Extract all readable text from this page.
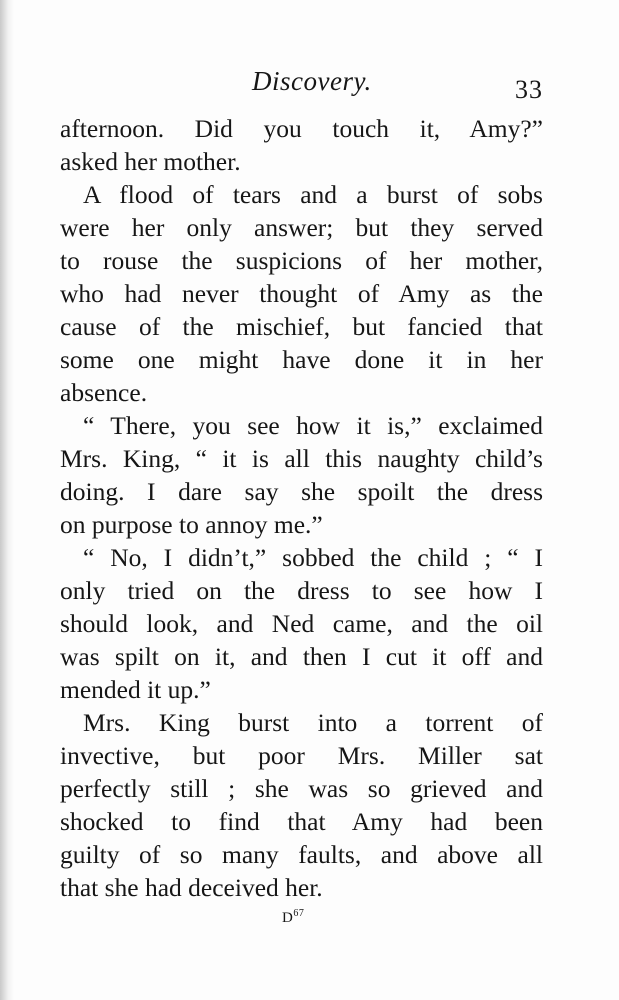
Discovery.	33
afternoon. Did you touch it, Amy?”
asked her mother.
A flood of tears and a burst of sobs
were her only answer; but they served
to rouse the suspicions of her mother,
who had never thought of Amy as the
cause of the mischief, but fancied that
some one might have done it in her
absence.
“ There, you see how it is,” exclaimed
Mrs. King, “ it is all this naughty child’s
doing. I dare say she spoilt the dress
on purpose to annoy me.”
“ No, I didn’t,” sobbed the child ; “ I
only tried on the dress to see how I
should look, and Ned came, and the oil
was spilt on it, and then I cut it off and
mended it up.”
Mrs. King burst into a torrent of
invective, but poor Mrs. Miller sat
perfectly still ; she was so grieved and
shocked to find that Amy had been
guilty of so many faults, and above all
that she had deceived her.
$D^{67}$
